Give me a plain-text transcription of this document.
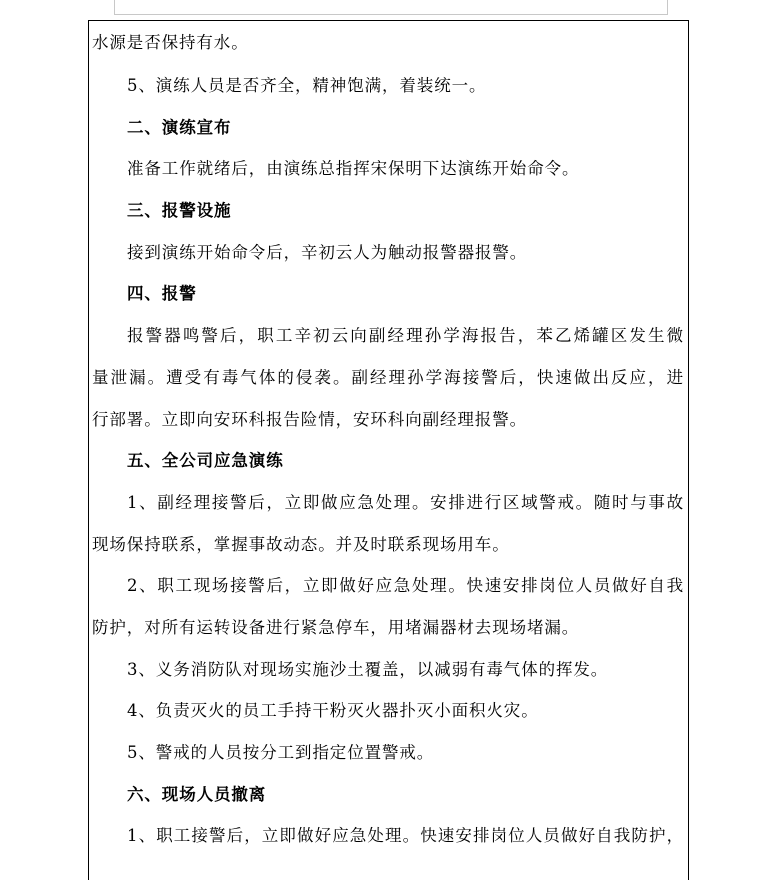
水源是否保持有水。
5、演练人员是否齐全，精神饱满，着装统一。
二、演练宣布
准备工作就绪后，由演练总指挥宋保明下达演练开始命令。
三、报警设施
接到演练开始命令后，辛初云人为触动报警器报警。
四、报警
报警器鸣警后，职工辛初云向副经理孙学海报告，苯乙烯罐区发生微
量泄漏。遭受有毒气体的侵袭。副经理孙学海接警后，快速做出反应，进
行部署。立即向安环科报告险情，安环科向副经理报警。
五、全公司应急演练
1、副经理接警后，立即做应急处理。安排进行区域警戒。随时与事故
现场保持联系，掌握事故动态。并及时联系现场用车。
2、职工现场接警后，立即做好应急处理。快速安排岗位人员做好自我
防护，对所有运转设备进行紧急停车，用堵漏器材去现场堵漏。
3、义务消防队对现场实施沙土覆盖，以减弱有毒气体的挥发。
4、负责灭火的员工手持干粉灭火器扑灭小面积火灾。
5、警戒的人员按分工到指定位置警戒。
六、现场人员撤离
1、职工接警后，立即做好应急处理。快速安排岗位人员做好自我防护，
